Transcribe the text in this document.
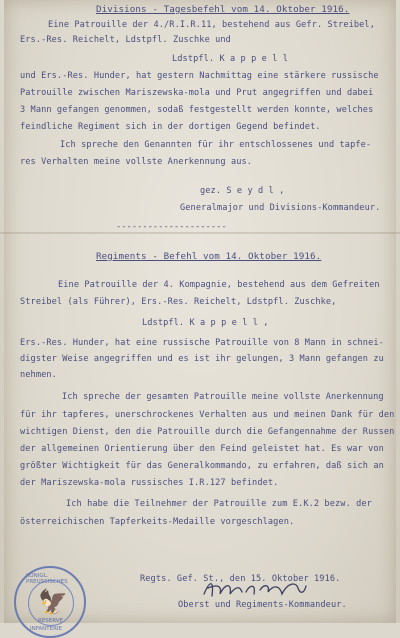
Divisions - Tagesbefehl vom 14. Oktober 1916.
Eine Patrouille der 4./R.I.R.11, bestehend aus Gefr. Streibel,
Ers.-Res. Reichelt, Ldstpfl. Zuschke und
Ldstpfl. K a p p e l l
und Ers.-Res. Hunder, hat gestern Nachmittag eine stärkere russische
Patrouille zwischen Mariszewska-mola und Prut angegriffen und dabei
3 Mann gefangen genommen, sodaß festgestellt werden konnte, welches
feindliche Regiment sich in der dortigen Gegend befindet.
Ich spreche den Genannten für ihr entschlossenes und tapfe-
res Verhalten meine vollste Anerkennung aus.
gez. S e y d l ,
Generalmajor und Divisions-Kommandeur.
---------------------
Regiments - Befehl vom 14. Oktober 1916.
Eine Patrouille der 4. Kompagnie, bestehend aus dem Gefreiten
Streibel (als Führer), Ers.-Res. Reichelt, Ldstpfl. Zuschke,
Ldstpfl. K a p p e l l ,
Ers.-Res. Hunder, hat eine russische Patrouille von 8 Mann in schnei-
digster Weise angegriffen und es ist ihr gelungen, 3 Mann gefangen zu
nehmen.
Ich spreche der gesamten Patrouille meine vollste Anerkennung
für ihr tapferes, unerschrockenes Verhalten aus und meinen Dank für den
wichtigen Dienst, den die Patrouille durch die Gefangennahme der Russen
der allgemeinen Orientierung über den Feind geleistet hat. Es war von
größter Wichtigkeit für das Generalkommando, zu erfahren, daß sich an
der Mariszewska-mola russisches I.R.127 befindet.
Ich habe die Teilnehmer der Patrouille zum E.K.2 bezw. der
österreichischen Tapferkeits-Medaille vorgeschlagen.
Regts. Gef. St., den 15. Oktober 1916.
Oberst und Regiments-Kommandeur.
🦅
KÖNIGL. PREUSSISCHES
RESERVE
INFANTERIE
